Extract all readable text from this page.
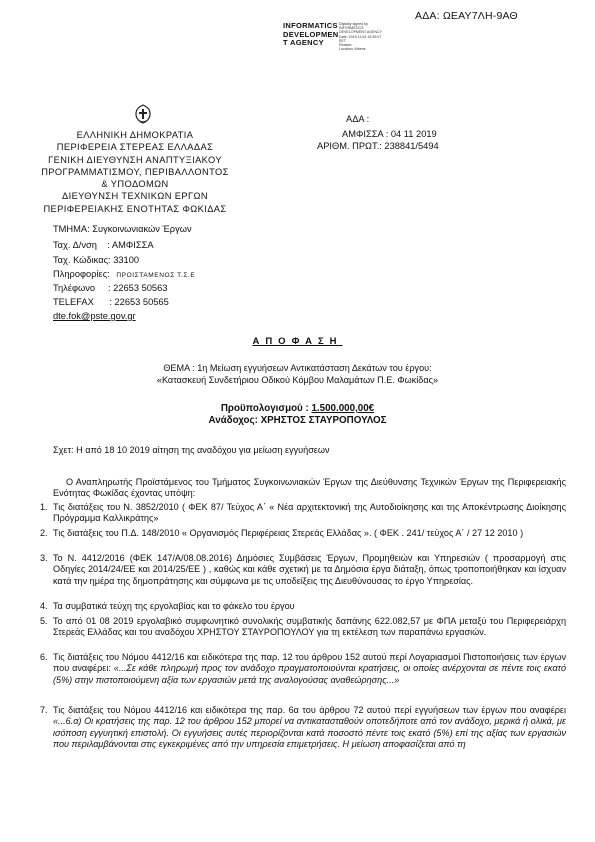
ΑΔΑ: ΩΕΑΥ7ΛΗ-9ΑΘ
INFORMATICS
DEVELOPMEN
T AGENCY
Digitally signed by
INFORMATICS
DEVELOPMENT AGENCY
Date: 2019.11.04 15:30:07
EET
Reason:
Location: Athens
ΕΛΛΗΝΙΚΗ ΔΗΜΟΚΡΑΤΙΑ
ΠΕΡΙΦΕΡΕΙΑ ΣΤΕΡΕΑΣ ΕΛΛΑΔΑΣ
ΓΕΝΙΚΗ ΔΙΕΥΘΥΝΣΗ ΑΝΑΠΤΥΞΙΑΚΟΥ
ΠΡΟΓΡΑΜΜΑΤΙΣΜΟΥ, ΠΕΡΙΒΑΛΛΟΝΤΟΣ
& ΥΠΟΔΟΜΩΝ
ΔΙΕΥΘΥΝΣΗ ΤΕΧΝΙΚΩΝ ΕΡΓΩΝ
ΠΕΡΙΦΕΡΕΙΑΚΗΣ ΕΝΟΤΗΤΑΣ ΦΩΚΙΔΑΣ
ΑΔΑ :
ΑΜΦΙΣΣΑ : 04 11 2019
ΑΡΙΘΜ. ΠΡΩΤ.: 238841/5494
ΤΜΗΜΑ: Συγκοινωνιακών Έργων
Ταχ. Δ/νση    : ΑΜΦΙΣΣΑ
Ταχ. Κώδικας: 33100
Πληροφορίες: ΠΡΟΙΣΤΑΜΕΝΟΣ Τ.Σ.Ε
Τηλέφωνο     : 22653 50563
TELEFAX      : 22653 50565
dte.fok@pste.gov.gr
ΑΠΟΦΑΣΗ
ΘΕΜΑ : 1η Μείωση εγγυήσεων Αντικατάσταση Δεκάτων του έργου:
«Κατασκευή Συνδετήριου Οδικού Κόμβου Μαλαμάτων Π.Ε. Φωκίδας»
Προϋπολογισμού : 1.500.000,00€
Ανάδοχος: ΧΡΗΣΤΟΣ ΣΤΑΥΡΟΠΟΥΛΟΣ
Σχετ: Η από 18 10 2019 αίτηση της αναδόχου για μείωση εγγυήσεων
Ο Αναπληρωτής Προϊστάμενος του Τμήματος Συγκοινωνιακών Έργων της Διεύθυνσης Τεχνικών Έργων της Περιφερειακής Ενότητας Φωκίδας έχοντας υπόψη:
1. Τις διατάξεις του Ν. 3852/2010 ( ΦΕΚ 87/ Τεύχος Α΄ « Νέα αρχιτεκτονική της Αυτοδιοίκησης και της Αποκέντρωσης Διοίκησης Πρόγραμμα Καλλικράτης»
2. Τις διατάξεις του Π.Δ. 148/2010 « Οργανισμός Περιφέρειας Στερεάς Ελλάδας ». ( ΦΕΚ . 241/ τεύχος Α΄ / 27 12 2010 )
3. Το Ν. 4412/2016 (ΦΕΚ 147/Α/08.08.2016) Δημόσιες Συμβάσεις Έργων, Προμηθειών και Υπηρεσιών ( προσαρμογή στις Οδηγίες 2014/24/ΕΕ και 2014/25/ΕΕ ) , καθώς και κάθε σχετική με τα Δημόσια έργα διάταξη, όπως τροποποιήθηκαν και ίσχυαν κατά την ημέρα της δημοπράτησης και σύμφωνα με τις υποδείξεις της Διευθύνουσας το έργο Υπηρεσίας.
4. Τα συμβατικά τεύχη της εργολαβίας και το φάκελο του έργου
5. Το από 01 08 2019 εργολαβικό συμφωνητικό συνολικής συμβατικής δαπάνης 622.082,57 με ΦΠΑ μεταξύ του Περιφερειάρχη Στερεάς Ελλάδας και του αναδόχου ΧΡΗΣΤΟΥ ΣΤΑΥΡΟΠΟΥΛΟΥ για τη εκτέλεση των παραπάνω εργασιών.
6. Τις διατάξεις του Νόμου 4412/16 και ειδικότερα της παρ. 12 του άρθρου 152 αυτού περί Λογαριασμοί Πιστοποιήσεις των έργων που αναφέρει: «...Σε κάθε πληρωμή προς τον ανάδοχο πραγματοποιούνται κρατήσεις, οι οποίες ανέρχονται σε πέντε τοις εκατό (5%) στην πιστοποιούμενη αξία των εργασιών μετά της αναλογούσας αναθεώρησης...»
7. Τις διατάξεις του Νόμου 4412/16 και ειδικότερα της παρ. 6α του άρθρου 72 αυτού περί εγγυήσεων των έργων που αναφέρει «...6.α) Οι κρατήσεις της παρ. 12 του άρθρου 152 μπορεί να αντικατασταθούν οποτεδήποτε από τον ανάδοχο, μερικά ή ολικά, με ισόποση εγγυητική επιστολή. Οι εγγυήσεις αυτές περιορίζονται κατά ποσοστό πέντε τοις εκατό (5%) επί της αξίας των εργασιών που περιλαμβάνονται στις εγκεκριμένες από την υπηρεσία επιμετρήσεις. Η μείωση αποφασίζεται από τη
